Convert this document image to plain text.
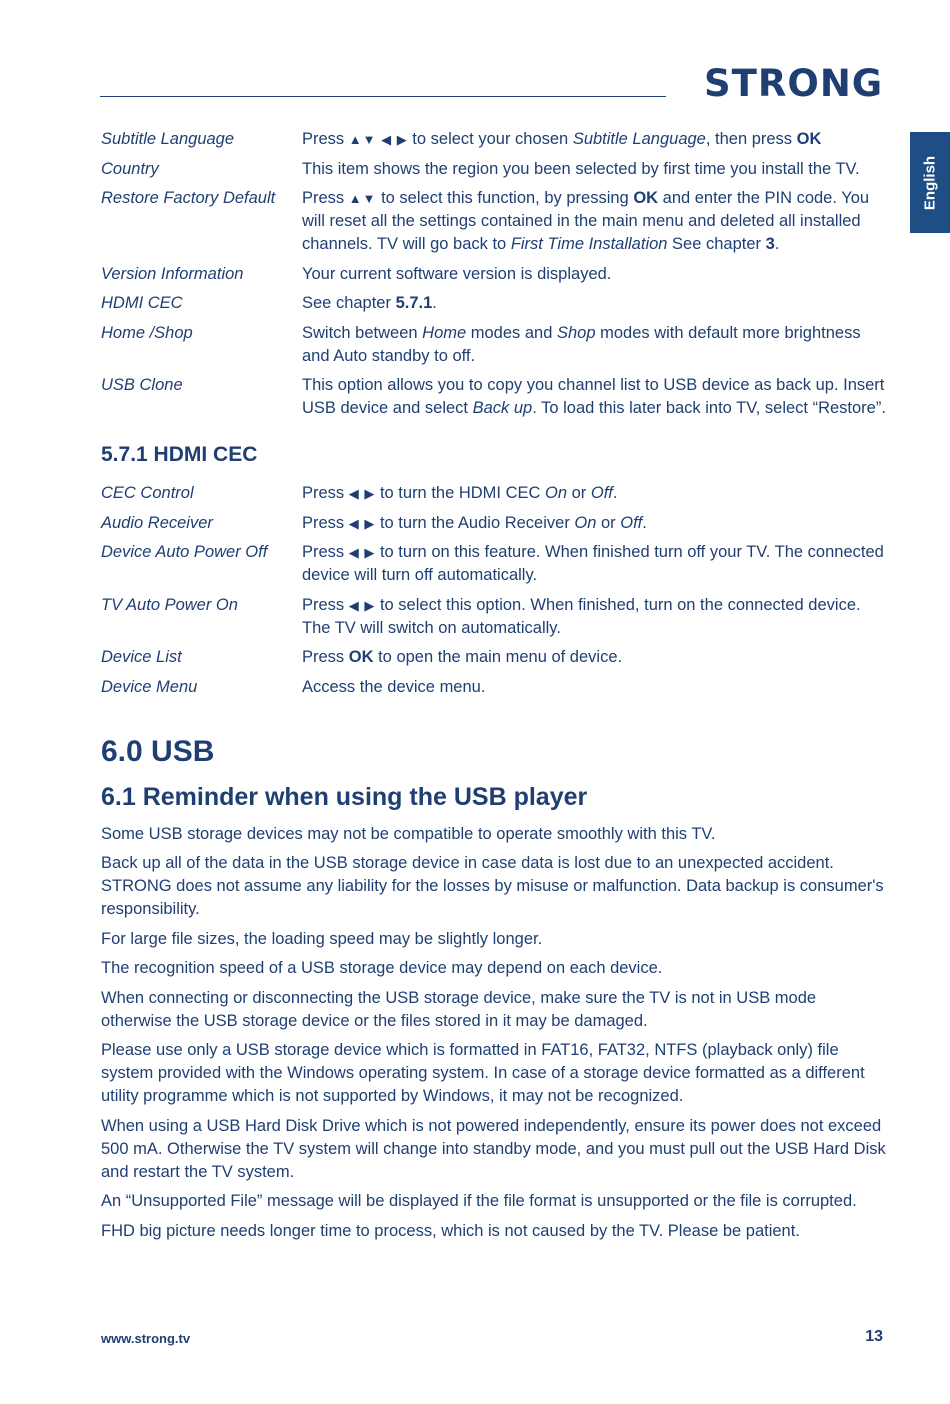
STRONG
English
Subtitle Language	Press ▲▼ ◀ ▶ to select your chosen Subtitle Language, then press OK
Country	This item shows the region you been selected by first time you install the TV.
Restore Factory Default	Press ▲▼ to select this function, by pressing OK and enter the PIN code. You will reset all the settings contained in the main menu and deleted all installed channels. TV will go back to First Time Installation See chapter 3.
Version Information	Your current software version is displayed.
HDMI CEC	See chapter 5.7.1.
Home /Shop	Switch between Home modes and Shop modes with default more brightness and Auto standby to off.
USB Clone	This option allows you to copy you channel list to USB device as back up. Insert USB device and select Back up. To load this later back into TV, select “Restore”.
5.7.1 HDMI CEC
CEC Control	Press ◀ ▶ to turn the HDMI CEC On or Off.
Audio Receiver	Press ◀ ▶ to turn the Audio Receiver On or Off.
Device Auto Power Off	Press ◀ ▶ to turn on this feature. When finished turn off your TV. The connected device will turn off automatically.
TV Auto Power On	Press ◀ ▶ to select this option. When finished, turn on the connected device. The TV will switch on automatically.
Device List	Press OK to open the main menu of device.
Device Menu	Access the device menu.
6.0 USB
6.1 Reminder when using the USB player

Some USB storage devices may not be compatible to operate smoothly with this TV.

Back up all of the data in the USB storage device in case data is lost due to an unexpected accident. STRONG does not assume any liability for the losses by misuse or malfunction. Data backup is consumer's responsibility.

For large file sizes, the loading speed may be slightly longer.

The recognition speed of a USB storage device may depend on each device.

When connecting or disconnecting the USB storage device, make sure the TV is not in USB mode otherwise the USB storage device or the files stored in it may be damaged.

Please use only a USB storage device which is formatted in FAT16, FAT32, NTFS (playback only) file system provided with the Windows operating system. In case of a storage device formatted as a different utility programme which is not supported by Windows, it may not be recognized.

When using a USB Hard Disk Drive which is not powered independently, ensure its power does not exceed 500 mA. Otherwise the TV system will change into standby mode, and you must pull out the USB Hard Disk and restart the TV system.

An “Unsupported File” message will be displayed if the file format is unsupported or the file is corrupted.

FHD big picture needs longer time to process, which is not caused by the TV. Please be patient.

www.strong.tv	13
